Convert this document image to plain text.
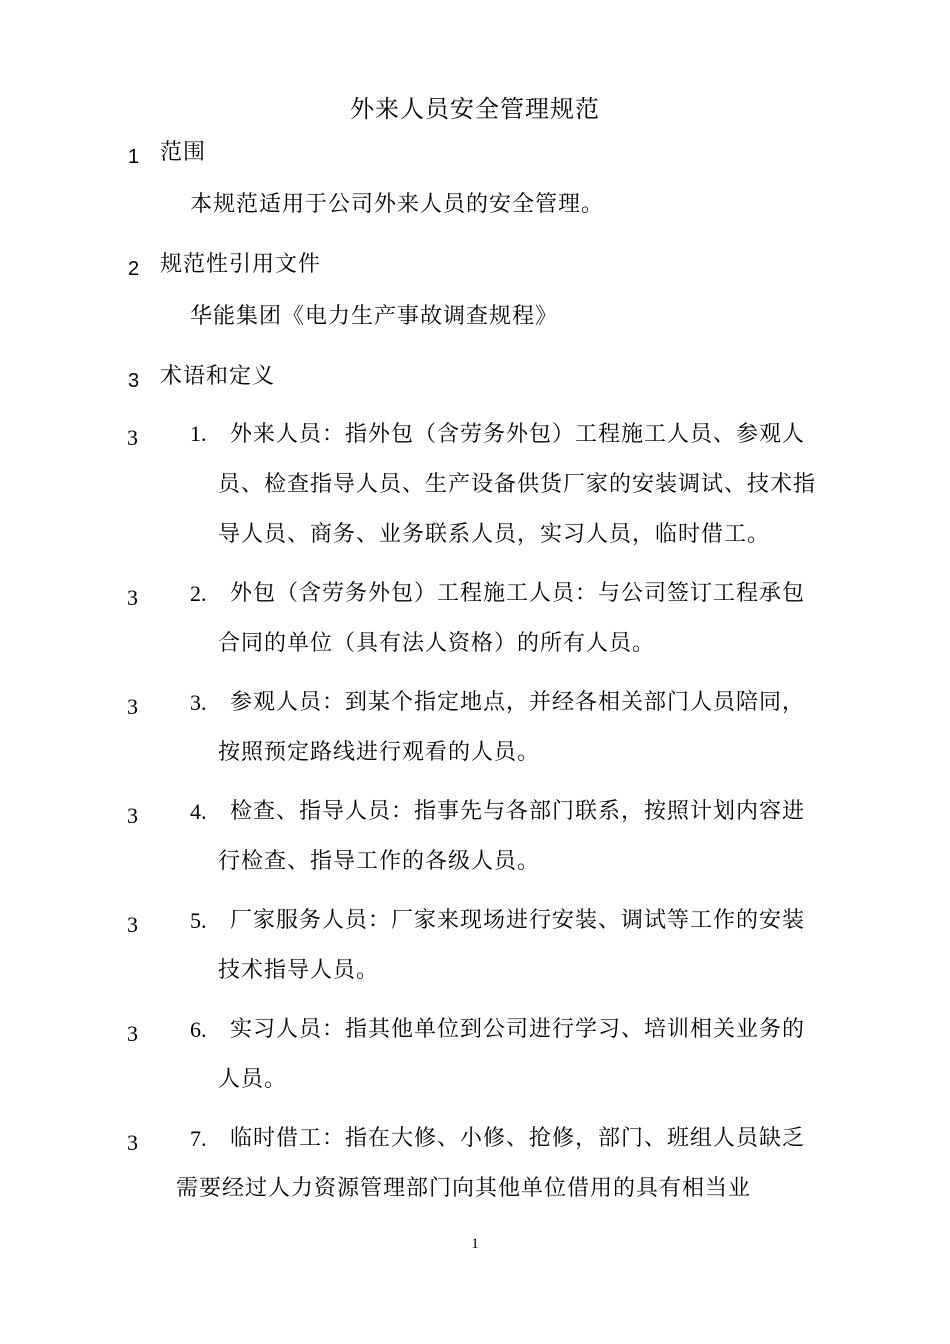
外来人员安全管理规范
1 范围
本规范适用于公司外来人员的安全管理。
2 规范性引用文件
华能集团《电力生产事故调查规程》
3 术语和定义
3 1. 外来人员：指外包（含劳务外包）工程施工人员、参观人
员、检查指导人员、生产设备供货厂家的安装调试、技术指
导人员、商务、业务联系人员，实习人员，临时借工。
3 2. 外包（含劳务外包）工程施工人员：与公司签订工程承包
合同的单位（具有法人资格）的所有人员。
3 3. 参观人员：到某个指定地点，并经各相关部门人员陪同，
按照预定路线进行观看的人员。
3 4. 检查、指导人员：指事先与各部门联系，按照计划内容进
行检查、指导工作的各级人员。
3 5. 厂家服务人员：厂家来现场进行安装、调试等工作的安装
技术指导人员。
3 6. 实习人员：指其他单位到公司进行学习、培训相关业务的
人员。
3 7. 临时借工：指在大修、小修、抢修，部门、班组人员缺乏
需要经过人力资源管理部门向其他单位借用的具有相当业
1
